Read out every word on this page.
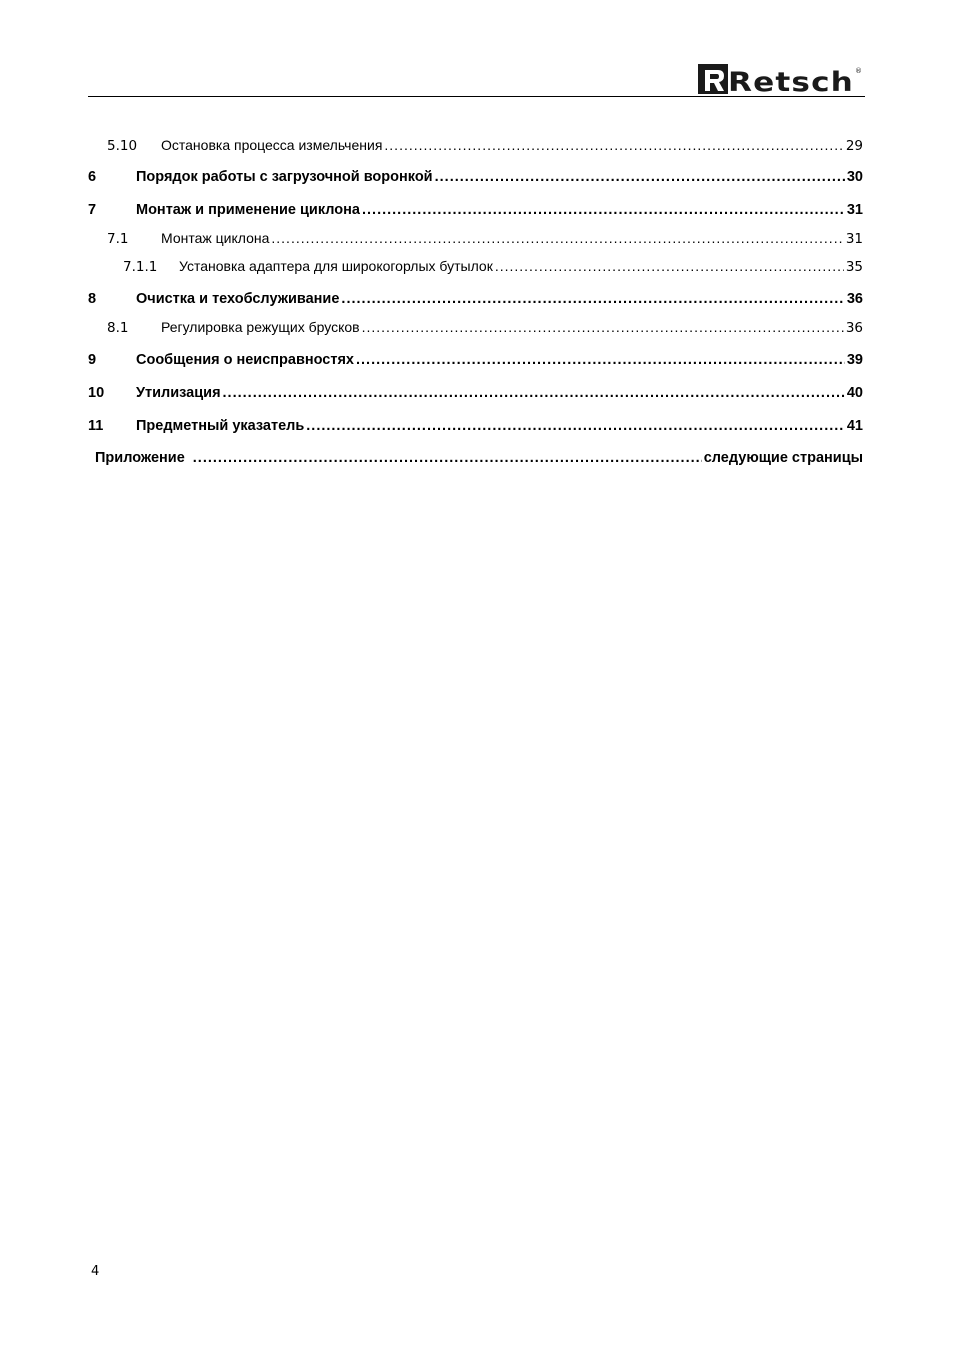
Retsch ®
5.10	Остановка процесса измельчения .....	29
6	Порядок работы с загрузочной воронкой .....	30
7	Монтаж и применение циклона .....	31
7.1	Монтаж циклона .....	31
7.1.1	Установка адаптера для широкогорлых бутылок .....	35
8	Очистка и техобслуживание .....	36
8.1	Регулировка режущих брусков .....	36
9	Сообщения о неисправностях .....	39
10	Утилизация .....	40
11	Предметный указатель .....	41
Приложение .....	следующие страницы
4
